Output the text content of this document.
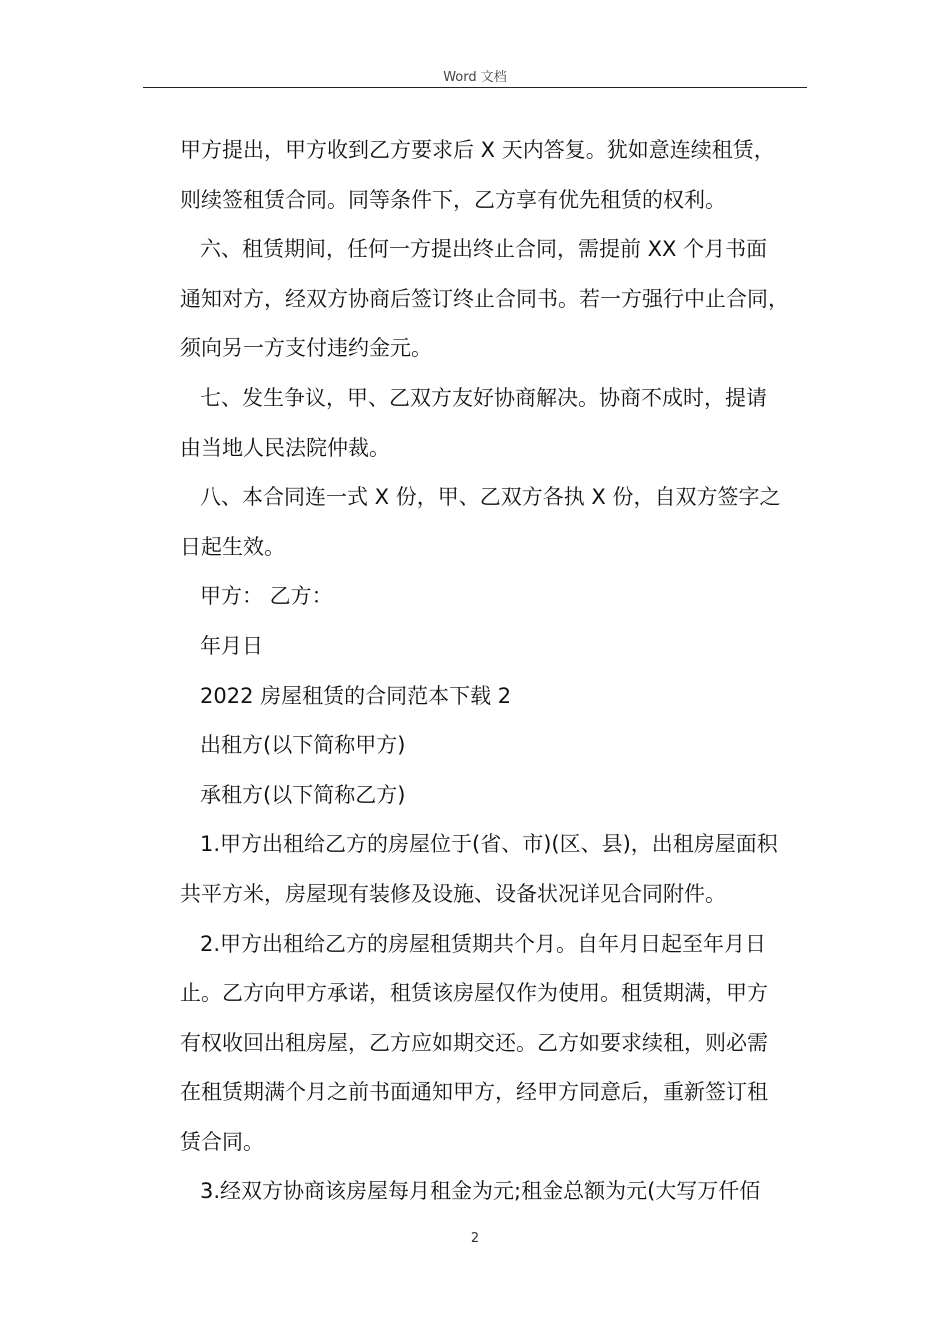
Word 文档

甲方提出，甲方收到乙方要求后 X 天内答复。犹如意连续租赁，

则续签租赁合同。同等条件下，乙方享有优先租赁的权利。

六、租赁期间，任何一方提出终止合同，需提前 XX 个月书面

通知对方，经双方协商后签订终止合同书。若一方强行中止合同，

须向另一方支付违约金元。

七、发生争议，甲、乙双方友好协商解决。协商不成时，提请

由当地人民法院仲裁。

八、本合同连一式 X 份，甲、乙双方各执 X 份，自双方签字之

日起生效。

甲方： 乙方：

年月日

2022 房屋租赁的合同范本下载 2

出租方(以下简称甲方)

承租方(以下简称乙方)

1.甲方出租给乙方的房屋位于(省、市)(区、县)，出租房屋面积

共平方米，房屋现有装修及设施、设备状况详见合同附件。

2.甲方出租给乙方的房屋租赁期共个月。自年月日起至年月日

止。乙方向甲方承诺，租赁该房屋仅作为使用。租赁期满，甲方

有权收回出租房屋，乙方应如期交还。乙方如要求续租，则必需

在租赁期满个月之前书面通知甲方，经甲方同意后，重新签订租

赁合同。

3.经双方协商该房屋每月租金为元;租金总额为元(大写万仟佰

2
